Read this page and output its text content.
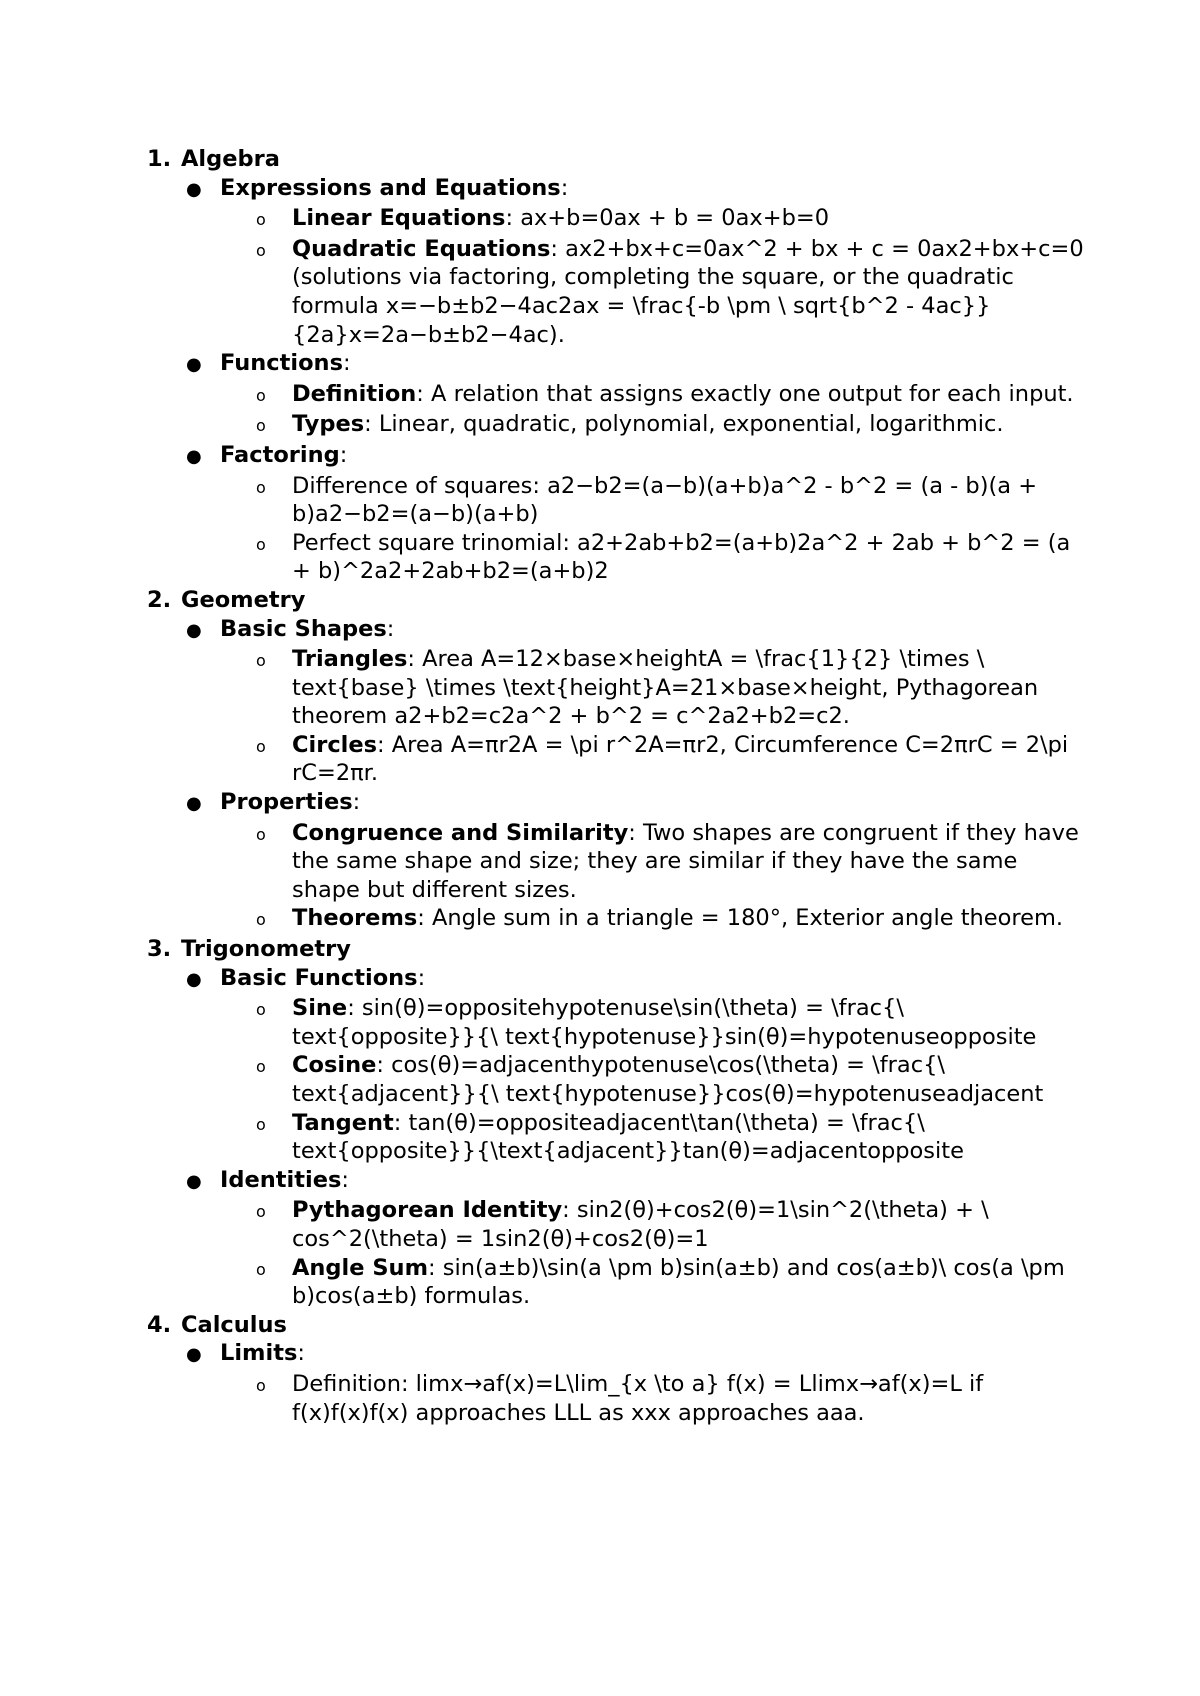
1. Algebra
● Expressions and Equations:
o	Linear Equations: ax+b=0ax + b = 0ax+b=0
o	Quadratic Equations: ax2+bx+c=0ax^2 + bx + c = 0ax2+bx+c=0 (solutions via factoring, completing the square, or the quadratic formula x=−b±b2−4ac2ax = \frac{-b \pm \ sqrt{b^2 - 4ac}}{2a}x=2a−b±b2−4ac).
● Functions:
o	Definition: A relation that assigns exactly one output for each input.
o	Types: Linear, quadratic, polynomial, exponential, logarithmic.
● Factoring:
o	Difference of squares: a2−b2=(a−b)(a+b)a^2 - b^2 = (a - b)(a + b)a2−b2=(a−b)(a+b)
o	Perfect square trinomial: a2+2ab+b2=(a+b)2a^2 + 2ab + b^2 = (a + b)^2a2+2ab+b2=(a+b)2
2. Geometry
● Basic Shapes:
o	Triangles: Area A=12×base×heightA = \frac{1}{2} \times \ text{base} \times \text{height}A=21×base×height, Pythagorean theorem a2+b2=c2a^2 + b^2 = c^2a2+b2=c2.
o	Circles: Area A=πr2A = \pi r^2A=πr2, Circumference C=2πrC = 2\pi rC=2πr.
● Properties:
o	Congruence and Similarity: Two shapes are congruent if they have the same shape and size; they are similar if they have the same shape but different sizes.
o	Theorems: Angle sum in a triangle = 180°, Exterior angle theorem.
3. Trigonometry
● Basic Functions:
o	Sine: sin(θ)=oppositehypotenuse\sin(\theta) = \frac{\ text{opposite}}{\ text{hypotenuse}}sin(θ)=hypotenuseopposite
o	Cosine: cos(θ)=adjacenthypotenuse\cos(\theta) = \frac{\ text{adjacent}}{\ text{hypotenuse}}cos(θ)=hypotenuseadjacent
o	Tangent: tan(θ)=oppositeadjacent\tan(\theta) = \frac{\ text{opposite}}{\text{adjacent}}tan(θ)=adjacentopposite
● Identities:
o	Pythagorean Identity: sin2(θ)+cos2(θ)=1\sin^2(\theta) + \ cos^2(\theta) = 1sin2(θ)+cos2(θ)=1
o	Angle Sum: sin(a±b)\sin(a \pm b)sin(a±b) and cos(a±b)\ cos(a \pm b)cos(a±b) formulas.
4. Calculus
● Limits:
o	Definition: limx→af(x)=L\lim_{x \to a} f(x) = Llimx→af(x)=L if f(x)f(x)f(x) approaches LLL as xxx approaches aaa.
